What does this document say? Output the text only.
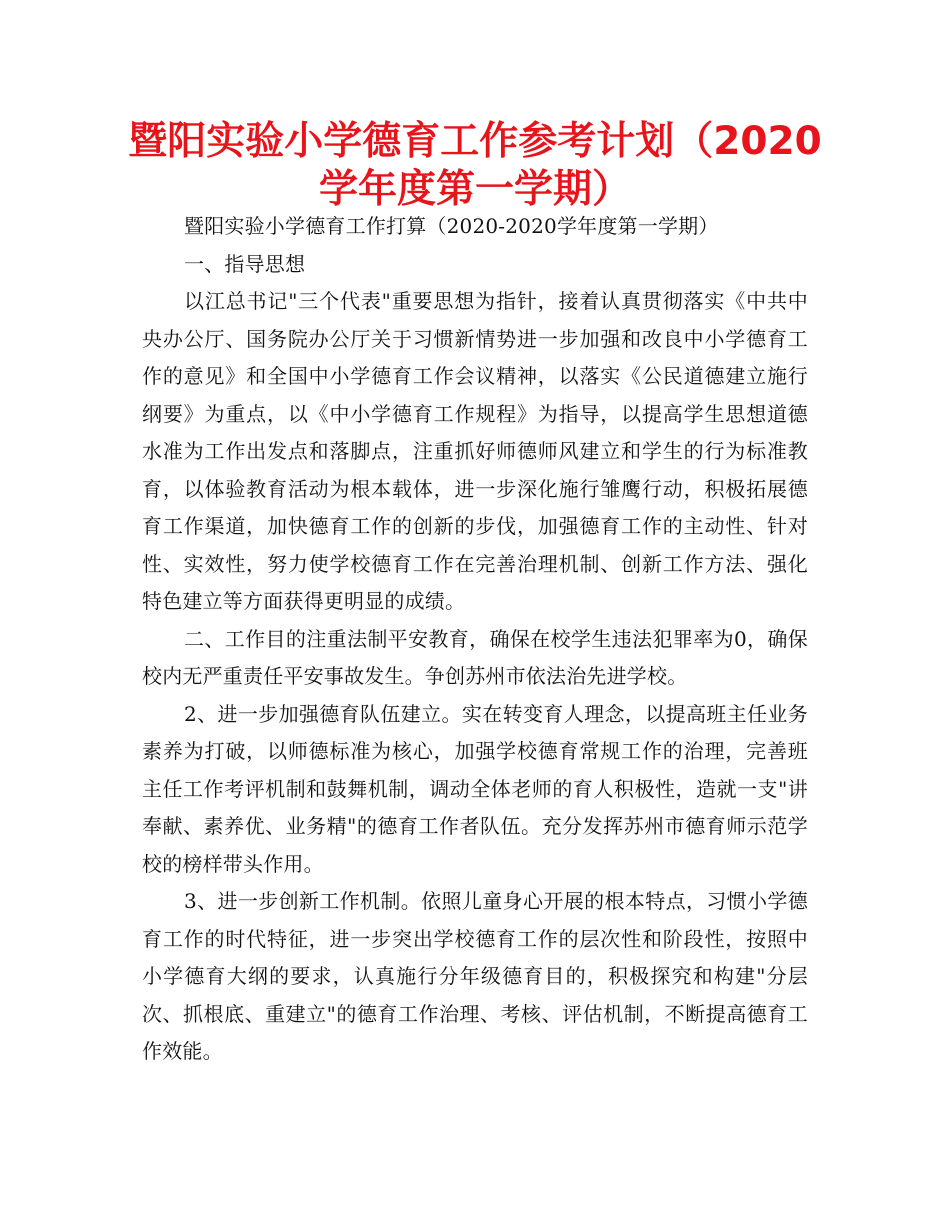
暨阳实验小学德育工作参考计划（2020学年度第一学期）

暨阳实验小学德育工作打算（2020-2020学年度第一学期）

一、指导思想

以江总书记"三个代表"重要思想为指针，接着认真贯彻落实《中共中央办公厅、国务院办公厅关于习惯新情势进一步加强和改良中小学德育工作的意见》和全国中小学德育工作会议精神，以落实《公民道德建立施行纲要》为重点，以《中小学德育工作规程》为指导，以提高学生思想道德水准为工作出发点和落脚点，注重抓好师德师风建立和学生的行为标准教育，以体验教育活动为根本载体，进一步深化施行雏鹰行动，积极拓展德育工作渠道，加快德育工作的创新的步伐，加强德育工作的主动性、针对性、实效性，努力使学校德育工作在完善治理机制、创新工作方法、强化特色建立等方面获得更明显的成绩。

二、工作目的注重法制平安教育，确保在校学生违法犯罪率为0，确保校内无严重责任平安事故发生。争创苏州市依法治先进学校。

2、进一步加强德育队伍建立。实在转变育人理念，以提高班主任业务素养为打破，以师德标准为核心，加强学校德育常规工作的治理，完善班主任工作考评机制和鼓舞机制，调动全体老师的育人积极性，造就一支"讲奉献、素养优、业务精"的德育工作者队伍。充分发挥苏州市德育师示范学校的榜样带头作用。

3、进一步创新工作机制。依照儿童身心开展的根本特点，习惯小学德育工作的时代特征，进一步突出学校德育工作的层次性和阶段性，按照中小学德育大纲的要求，认真施行分年级德育目的，积极探究和构建"分层次、抓根底、重建立"的德育工作治理、考核、评估机制，不断提高德育工作效能。
